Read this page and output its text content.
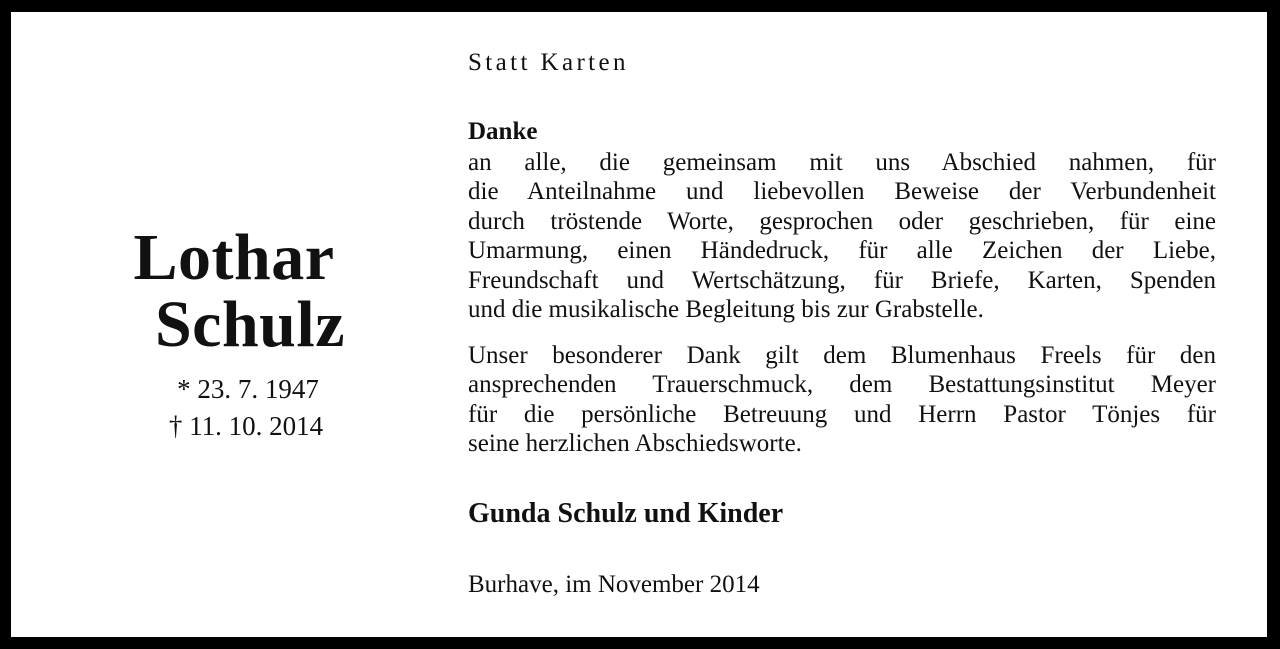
Lothar
Schulz
* 23. 7. 1947
† 11. 10. 2014
Statt Karten
Danke
an alle, die gemeinsam mit uns Abschied nahmen, für
die Anteilnahme und liebevollen Beweise der Verbundenheit
durch tröstende Worte, gesprochen oder geschrieben, für eine
Umarmung, einen Händedruck, für alle Zeichen der Liebe,
Freundschaft und Wertschätzung, für Briefe, Karten, Spenden
und die musikalische Begleitung bis zur Grabstelle.
Unser besonderer Dank gilt dem Blumenhaus Freels für den
ansprechenden Trauerschmuck, dem Bestattungsinstitut Meyer
für die persönliche Betreuung und Herrn Pastor Tönjes für
seine herzlichen Abschiedsworte.
Gunda Schulz und Kinder
Burhave, im November 2014
